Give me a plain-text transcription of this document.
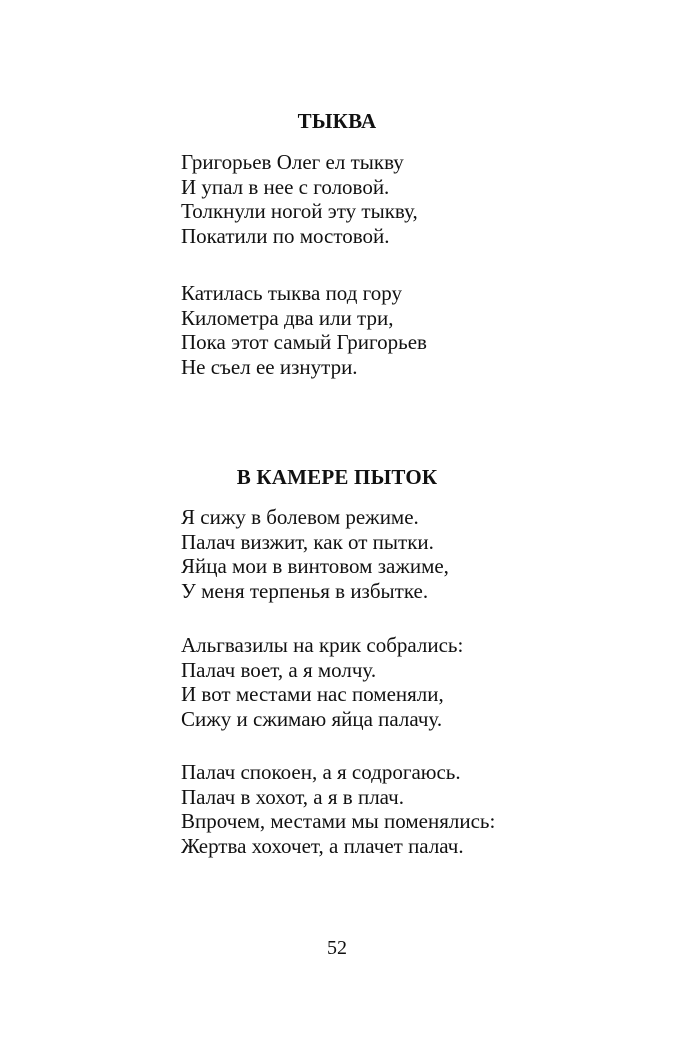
ТЫКВА
Григорьев Олег ел тыкву
И упал в нее с головой.
Толкнули ногой эту тыкву,
Покатили по мостовой.
Катилась тыква под гору
Километра два или три,
Пока этот самый Григорьев
Не съел ее изнутри.
В КАМЕРЕ ПЫТОК
Я сижу в болевом режиме.
Палач визжит, как от пытки.
Яйца мои в винтовом зажиме,
У меня терпенья в избытке.
Альгвазилы на крик собрались:
Палач воет, а я молчу.
И вот местами нас поменяли,
Сижу и сжимаю яйца палачу.
Палач спокоен, а я содрогаюсь.
Палач в хохот, а я в плач.
Впрочем, местами мы поменялись:
Жертва хохочет, а плачет палач.
52
